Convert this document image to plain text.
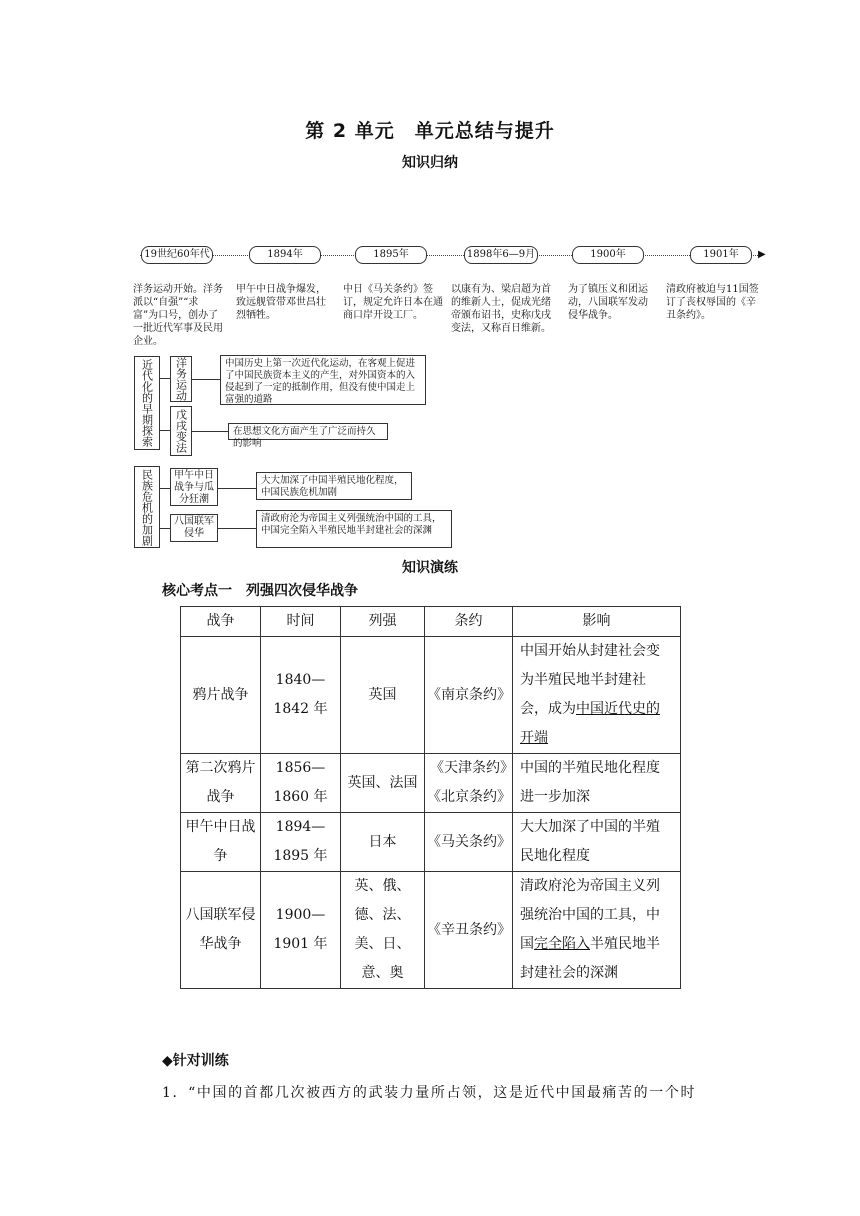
第 2 单元　单元总结与提升
知识归纳
▶
19世纪60年代	1894年	1895年	1898年6—9月	1900年	1901年
洋务运动开始。洋务派以“自强”“求富”为口号，创办了一批近代军事及民用企业。
甲午中日战争爆发，致远舰管带邓世昌壮烈牺牲。
中日《马关条约》签订，规定允许日本在通商口岸开设工厂。
以康有为、梁启超为首的维新人士，促成光绪帝颁布诏书，史称戊戌变法，又称百日维新。
为了镇压义和团运动，八国联军发动侵华战争。
清政府被迫与11国签订了丧权辱国的《辛丑条约》。
近代化的早期探索	洋务运动
戊戌变法
中国历史上第一次近代化运动，在客观上促进了中国民族资本主义的产生，对外国资本的入侵起到了一定的抵制作用，但没有使中国走上富强的道路
在思想文化方面产生了广泛而持久的影响
民族危机的加剧	甲午中日战争与瓜分狂潮
八国联军侵华
大大加深了中国半殖民地化程度，中国民族危机加剧
清政府沦为帝国主义列强统治中国的工具，中国完全陷入半殖民地半封建社会的深渊
知识演练
核心考点一　列强四次侵华战争
战争	时间	列强	条约	影响
鸦片战争	1840—1842 年	英国	《南京条约》	中国开始从封建社会变为半殖民地半封建社会，成为中国近代史的开端
第二次鸦片战争	1856—1860 年	英国、法国	《天津条约》《北京条约》	中国的半殖民地化程度进一步加深
甲午中日战争	1894—1895 年	日本	《马关条约》	大大加深了中国的半殖民地化程度
八国联军侵华战争	1900—1901 年	英、俄、德、法、美、日、意、奥	《辛丑条约》	清政府沦为帝国主义列强统治中国的工具，中国完全陷入半殖民地半封建社会的深渊
◆针对训练
1．“中国的首都几次被西方的武装力量所占领，这是近代中国最痛苦的一个时
